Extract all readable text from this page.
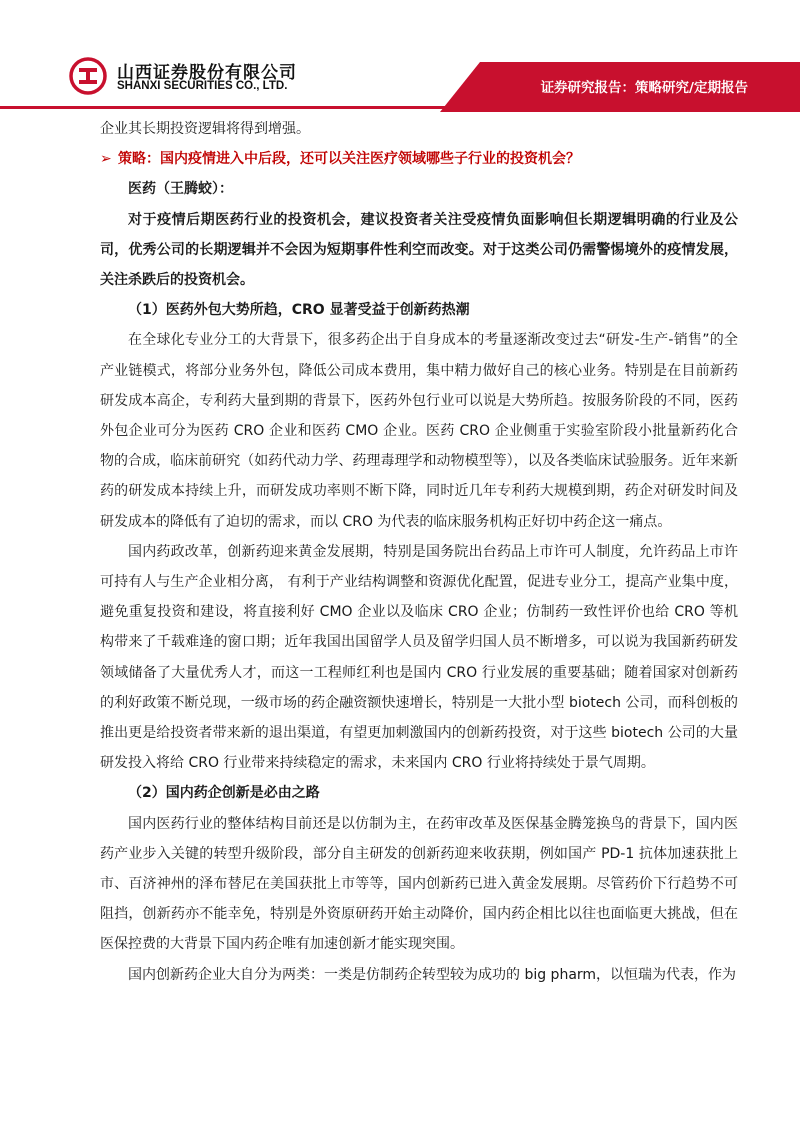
山西证券股份有限公司
SHANXI SECURITIES CO., LTD.	证券研究报告：策略研究/定期报告

企业其长期投资逻辑将得到增强。

➢ 策略：国内疫情进入中后段，还可以关注医疗领域哪些子行业的投资机会？

医药（王腾蛟）：

对于疫情后期医药行业的投资机会，建议投资者关注受疫情负面影响但长期逻辑明确的行业及公司，优秀公司的长期逻辑并不会因为短期事件性利空而改变。对于这类公司仍需警惕境外的疫情发展，关注杀跌后的投资机会。

（1）医药外包大势所趋，CRO 显著受益于创新药热潮

在全球化专业分工的大背景下，很多药企出于自身成本的考量逐渐改变过去“研发-生产-销售”的全产业链模式，将部分业务外包，降低公司成本费用，集中精力做好自己的核心业务。特别是在目前新药研发成本高企，专利药大量到期的背景下，医药外包行业可以说是大势所趋。按服务阶段的不同，医药外包企业可分为医药 CRO 企业和医药 CMO 企业。医药 CRO 企业侧重于实验室阶段小批量新药化合物的合成，临床前研究（如药代动力学、药理毒理学和动物模型等），以及各类临床试验服务。近年来新药的研发成本持续上升，而研发成功率则不断下降，同时近几年专利药大规模到期，药企对研发时间及研发成本的降低有了迫切的需求，而以 CRO 为代表的临床服务机构正好切中药企这一痛点。

国内药政改革，创新药迎来黄金发展期，特别是国务院出台药品上市许可人制度，允许药品上市许可持有人与生产企业相分离， 有利于产业结构调整和资源优化配置，促进专业分工，提高产业集中度，避免重复投资和建设，将直接利好 CMO 企业以及临床 CRO 企业；仿制药一致性评价也给 CRO 等机构带来了千载难逢的窗口期；近年我国出国留学人员及留学归国人员不断增多，可以说为我国新药研发领域储备了大量优秀人才，而这一工程师红利也是国内 CRO 行业发展的重要基础；随着国家对创新药的利好政策不断兑现，一级市场的药企融资额快速增长，特别是一大批小型 biotech 公司，而科创板的推出更是给投资者带来新的退出渠道，有望更加刺激国内的创新药投资，对于这些 biotech 公司的大量研发投入将给 CRO 行业带来持续稳定的需求，未来国内 CRO 行业将持续处于景气周期。

（2）国内药企创新是必由之路

国内医药行业的整体结构目前还是以仿制为主，在药审改革及医保基金腾笼换鸟的背景下，国内医药产业步入关键的转型升级阶段，部分自主研发的创新药迎来收获期，例如国产 PD-1 抗体加速获批上市、百济神州的泽布替尼在美国获批上市等等，国内创新药已进入黄金发展期。尽管药价下行趋势不可阻挡，创新药亦不能幸免，特别是外资原研药开始主动降价，国内药企相比以往也面临更大挑战，但在医保控费的大背景下国内药企唯有加速创新才能实现突围。

国内创新药企业大自分为两类：一类是仿制药企转型较为成功的 big pharm，以恒瑞为代表，作为
